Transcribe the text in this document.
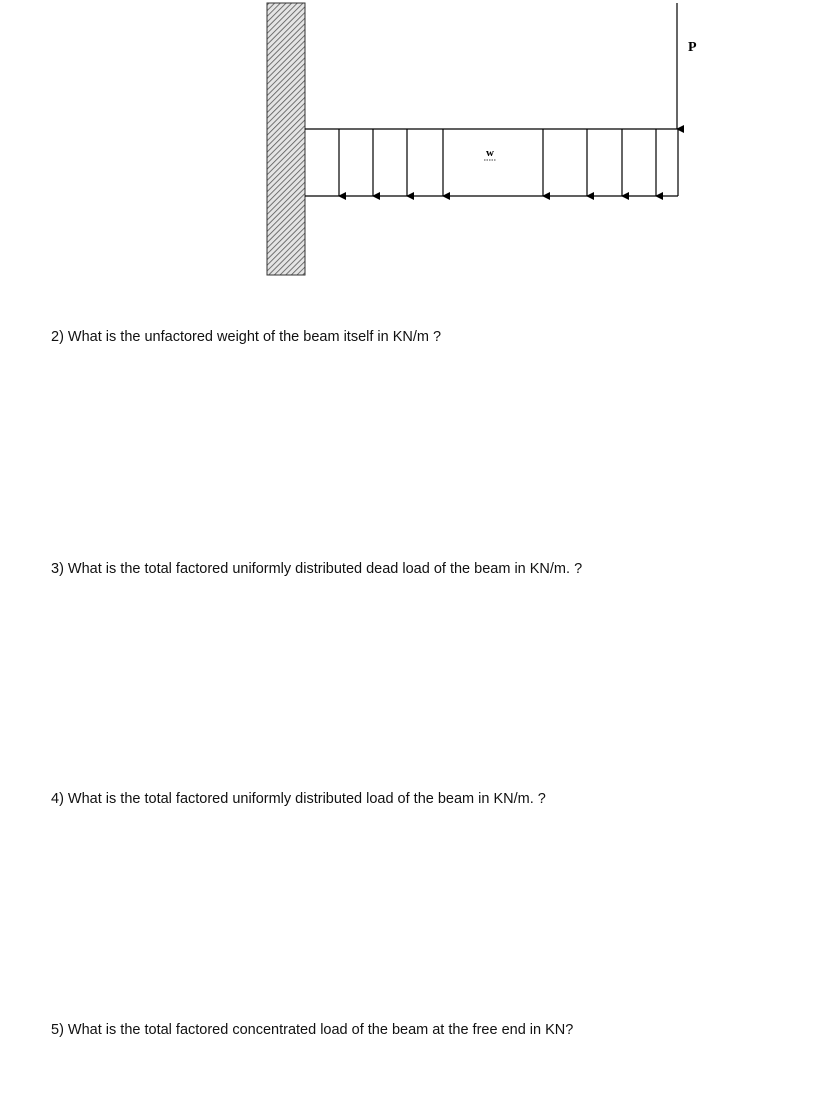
w
P

2) What is the unfactored weight of the beam itself in KN/m ?

3) What is the total factored uniformly distributed dead load of the beam in KN/m. ?

4) What is the total factored uniformly distributed load of the beam in KN/m. ?

5) What is the total factored concentrated load of the beam at the free end in KN?
